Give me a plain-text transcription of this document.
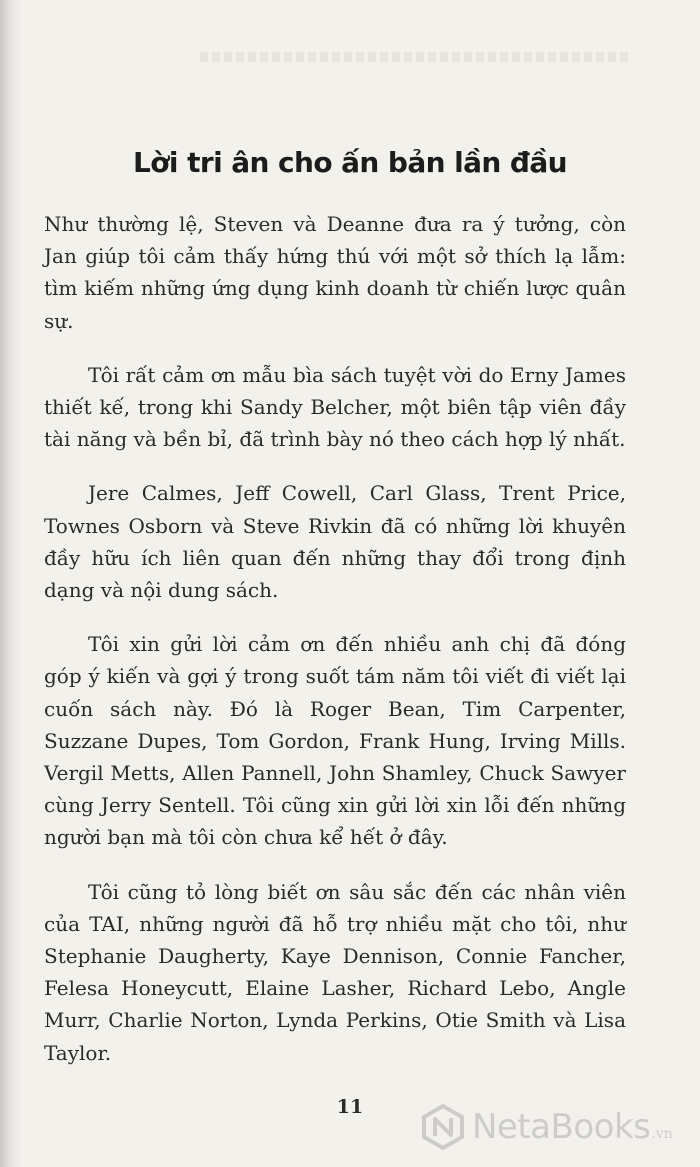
Lời tri ân cho ấn bản lần đầu

Như thường lệ, Steven và Deanne đưa ra ý tưởng, còn Jan giúp tôi cảm thấy hứng thú với một sở thích lạ lẫm: tìm kiếm những ứng dụng kinh doanh từ chiến lược quân sự.

Tôi rất cảm ơn mẫu bìa sách tuyệt vời do Erny James thiết kế, trong khi Sandy Belcher, một biên tập viên đầy tài năng và bền bỉ, đã trình bày nó theo cách hợp lý nhất.

Jere Calmes, Jeff Cowell, Carl Glass, Trent Price, Townes Osborn và Steve Rivkin đã có những lời khuyên đầy hữu ích liên quan đến những thay đổi trong định dạng và nội dung sách.

Tôi xin gửi lời cảm ơn đến nhiều anh chị đã đóng góp ý kiến và gợi ý trong suốt tám năm tôi viết đi viết lại cuốn sách này. Đó là Roger Bean, Tim Carpenter, Suzzane Dupes, Tom Gordon, Frank Hung, Irving Mills. Vergil Metts, Allen Pannell, John Shamley, Chuck Sawyer cùng Jerry Sentell. Tôi cũng xin gửi lời xin lỗi đến những người bạn mà tôi còn chưa kể hết ở đây.

Tôi cũng tỏ lòng biết ơn sâu sắc đến các nhân viên của TAI, những người đã hỗ trợ nhiều mặt cho tôi, như Stephanie Daugherty, Kaye Dennison, Connie Fancher, Felesa Honeycutt, Elaine Lasher, Richard Lebo, Angle Murr, Charlie Norton, Lynda Perkins, Otie Smith và Lisa Taylor.

11	NetaBooks .vn
